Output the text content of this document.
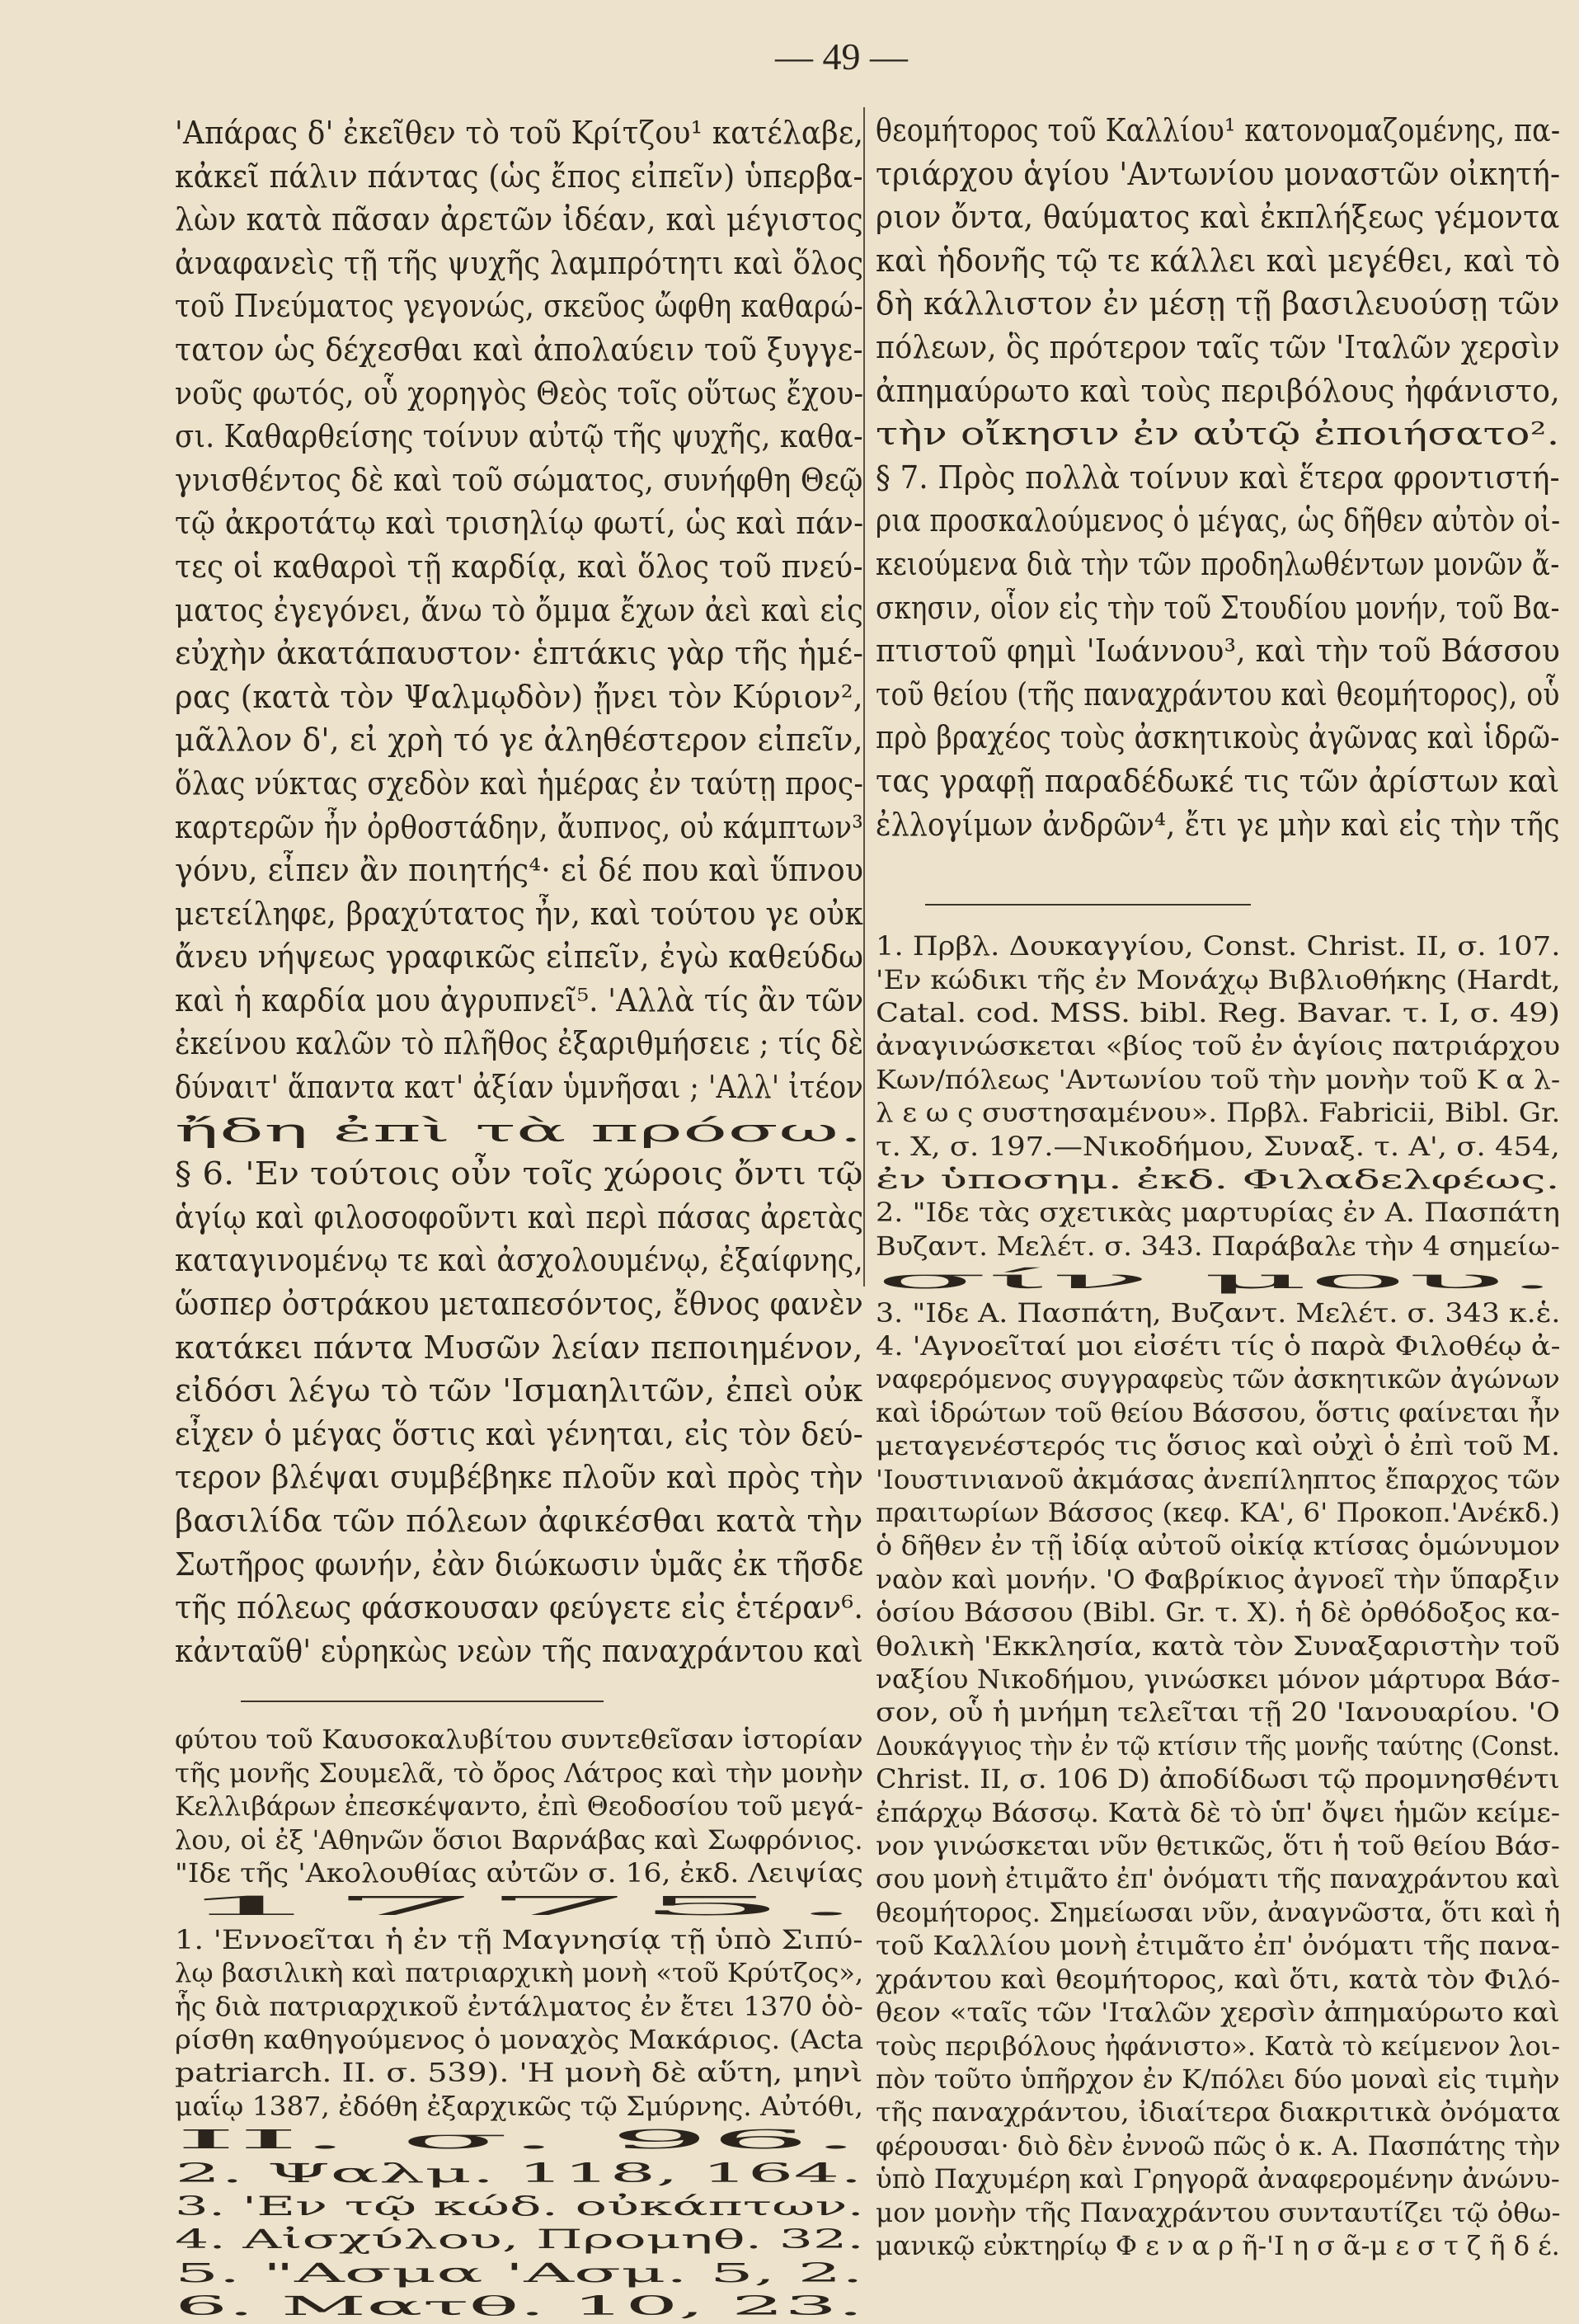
— 49 —
'Απάρας δ' ἐκεῖθεν τὸ τοῦ Κρίτζου¹ κατέλαβε,
κἀκεῖ πάλιν πάντας (ὡς ἔπος εἰπεῖν) ὑπερβα-
λὼν κατὰ πᾶσαν ἀρετῶν ἰδέαν, καὶ μέγιστος
ἀναφανεὶς τῇ τῆς ψυχῆς λαμπρότητι καὶ ὅλος
τοῦ Πνεύματος γεγονώς, σκεῦος ὤφθη καθαρώ-
τατον ὡς δέχεσθαι καὶ ἀπολαύειν τοῦ ξυγγε-
νοῦς φωτός, οὗ χορηγὸς Θεὸς τοῖς οὕτως ἔχου-
σι. Καθαρθείσης τοίνυν αὐτῷ τῆς ψυχῆς, καθα-
γνισθέντος δὲ καὶ τοῦ σώματος, συνήφθη Θεῷ
τῷ ἀκροτάτῳ καὶ τρισηλίῳ φωτί, ὡς καὶ πάν-
τες οἱ καθαροὶ τῇ καρδίᾳ, καὶ ὅλος τοῦ πνεύ-
ματος ἐγεγόνει, ἄνω τὸ ὄμμα ἔχων ἀεὶ καὶ εἰς
εὐχὴν ἀκατάπαυστον· ἑπτάκις γὰρ τῆς ἡμέ-
ρας (κατὰ τὸν Ψαλμῳδὸν) ᾔνει τὸν Κύριον²,
μᾶλλον δ', εἰ χρὴ τό γε ἀληθέστερον εἰπεῖν,
ὅλας νύκτας σχεδὸν καὶ ἡμέρας ἐν ταύτῃ προς-
καρτερῶν ἦν ὀρθοστάδην, ἄυπνος, οὐ κάμπτων³
γόνυ, εἶπεν ἂν ποιητής⁴· εἰ δέ που καὶ ὕπνου
μετείληφε, βραχύτατος ἦν, καὶ τούτου γε οὐκ
ἄνευ νήψεως γραφικῶς εἰπεῖν, ἐγὼ καθεύδω
καὶ ἡ καρδία μου ἀγρυπνεῖ⁵. 'Αλλὰ τίς ἂν τῶν
ἐκείνου καλῶν τὸ πλῆθος ἐξαριθμήσειε ; τίς δὲ
δύναιτ' ἅπαντα κατ' ἀξίαν ὑμνῆσαι ; 'Αλλ' ἰτέον
ἤδη ἐπὶ τὰ πρόσω.
§ 6. 'Εν τούτοις οὖν τοῖς χώροις ὄντι τῷ
ἁγίῳ καὶ φιλοσοφοῦντι καὶ περὶ πάσας ἀρετὰς
καταγινομένῳ τε καὶ ἀσχολουμένῳ, ἐξαίφνης,
ὥσπερ ὀστράκου μεταπεσόντος, ἔθνος φανὲν
κατάκει πάντα Μυσῶν λείαν πεποιημένον,
εἰδόσι λέγω τὸ τῶν 'Ισμαηλιτῶν, ἐπεὶ οὐκ
εἶχεν ὁ μέγας ὅστις καὶ γένηται, εἰς τὸν δεύ-
τερον βλέψαι συμβέβηκε πλοῦν καὶ πρὸς τὴν
βασιλίδα τῶν πόλεων ἀφικέσθαι κατὰ τὴν
Σωτῆρος φωνήν, ἐὰν διώκωσιν ὑμᾶς ἐκ τῆσδε
τῆς πόλεως φάσκουσαν φεύγετε εἰς ἑτέραν⁶.
κἀνταῦθ' εὑρηκὼς νεὼν τῆς παναχράντου καὶ
φύτου τοῦ Καυσοκαλυβίτου συντεθεῖσαν ἱστορίαν
τῆς μονῆς Σουμελᾶ, τὸ ὄρος Λάτρος καὶ τὴν μονὴν
Κελλιβάρων ἐπεσκέψαντο, ἐπὶ Θεοδοσίου τοῦ μεγά-
λου, οἱ ἐξ 'Αθηνῶν ὅσιοι Βαρνάβας καὶ Σωφρόνιος.
"Ιδε τῆς 'Ακολουθίας αὐτῶν σ. 16, ἐκδ. Λειψίας
1775.
1. 'Εννοεῖται ἡ ἐν τῇ Μαγνησίᾳ τῇ ὑπὸ Σιπύ-
λῳ βασιλικὴ καὶ πατριαρχικὴ μονὴ «τοῦ Κρύτζος»,
ἧς διὰ πατριαρχικοῦ ἐντάλματος ἐν ἔτει 1370 ὁὸ-
ρίσθη καθηγούμενος ὁ μοναχὸς Μακάριος. (Acta
patriarch. II. σ. 539). 'Η μονὴ δὲ αὕτη, μηνὶ
μαΐῳ 1387, ἐδόθη ἐξαρχικῶς τῷ Σμύρνης. Αὐτόθι,
II. σ. 96.
2. Ψαλμ. 118, 164.
3. 'Εν τῷ κώδ. οὐκάπτων.
4. Αἰσχύλου, Προμηθ. 32.
5. "Ασμα 'Ασμ. 5, 2.
6. Ματθ. 10, 23.
θεομήτορος τοῦ Καλλίου¹ κατονομαζομένης, πα-
τριάρχου ἁγίου 'Αντωνίου μοναστῶν οἰκητή-
ριον ὄντα, θαύματος καὶ ἐκπλήξεως γέμοντα
καὶ ἡδονῆς τῷ τε κάλλει καὶ μεγέθει, καὶ τὸ
δὴ κάλλιστον ἐν μέσῃ τῇ βασιλευούσῃ τῶν
πόλεων, ὃς πρότερον ταῖς τῶν 'Ιταλῶν χερσὶν
ἀπημαύρωτο καὶ τοὺς περιβόλους ἠφάνιστο,
τὴν οἴκησιν ἐν αὐτῷ ἐποιήσατο².
§ 7. Πρὸς πολλὰ τοίνυν καὶ ἕτερα φροντιστή-
ρια προσκαλούμενος ὁ μέγας, ὡς δῆθεν αὐτὸν οἰ-
κειούμενα διὰ τὴν τῶν προδηλωθέντων μονῶν ἄ-
σκησιν, οἷον εἰς τὴν τοῦ Στουδίου μονήν, τοῦ Βα-
πτιστοῦ φημὶ 'Ιωάννου³, καὶ τὴν τοῦ Βάσσου
τοῦ θείου (τῆς παναχράντου καὶ θεομήτορος), οὗ
πρὸ βραχέος τοὺς ἀσκητικοὺς ἀγῶνας καὶ ἱδρῶ-
τας γραφῇ παραδέδωκέ τις τῶν ἀρίστων καὶ
ἐλλογίμων ἀνδρῶν⁴, ἔτι γε μὴν καὶ εἰς τὴν τῆς
1. Πρβλ. Δουκαγγίου, Const. Christ. II, σ. 107.
'Εν κώδικι τῆς ἐν Μονάχῳ Βιβλιοθήκης (Hardt,
Catal. cod. MSS. bibl. Reg. Bavar. τ. I, σ. 49)
ἀναγινώσκεται «βίος τοῦ ἐν ἁγίοις πατριάρχου
Κων/πόλεως 'Αντωνίου τοῦ τὴν μονὴν τοῦ Κ α λ-
λ ε ω ς συστησαμένου». Πρβλ. Fabricii, Bibl. Gr.
τ. X, σ. 197.—Νικοδήμου, Συναξ. τ. Α', σ. 454,
ἐν ὑποσημ. ἐκδ. Φιλαδελφέως.
2. "Ιδε τὰς σχετικὰς μαρτυρίας ἐν Α. Πασπάτη
Βυζαντ. Μελέτ. σ. 343. Παράβαλε τὴν 4 σημείω-
σίν μου.
3. "Ιδε Α. Πασπάτη, Βυζαντ. Μελέτ. σ. 343 κ.ἑ.
4. 'Αγνοεῖταί μοι εἰσέτι τίς ὁ παρὰ Φιλοθέῳ ἀ-
ναφερόμενος συγγραφεὺς τῶν ἀσκητικῶν ἀγώνων
καὶ ἱδρώτων τοῦ θείου Βάσσου, ὅστις φαίνεται ἦν
μεταγενέστερός τις ὅσιος καὶ οὐχὶ ὁ ἐπὶ τοῦ Μ.
'Ιουστινιανοῦ ἀκμάσας ἀνεπίληπτος ἔπαρχος τῶν
πραιτωρίων Βάσσος (κεφ. ΚΑ', 6' Προκοπ.'Ανέκδ.)
ὁ δῆθεν ἐν τῇ ἰδίᾳ αὐτοῦ οἰκίᾳ κτίσας ὁμώνυμον
ναὸν καὶ μονήν. 'Ο Φαβρίκιος ἀγνοεῖ τὴν ὕπαρξιν
ὁσίου Βάσσου (Bibl. Gr. τ. X). ἡ δὲ ὀρθόδοξος κα-
θολικὴ 'Εκκλησία, κατὰ τὸν Συναξαριστὴν τοῦ
ναξίου Νικοδήμου, γινώσκει μόνον μάρτυρα Βάσ-
σον, οὗ ἡ μνήμη τελεῖται τῇ 20 'Ιανουαρίου. 'Ο
Δουκάγγιος τὴν ἐν τῷ κτίσιν τῆς μονῆς ταύτης (Const.
Christ. II, σ. 106 D) ἀποδίδωσι τῷ προμνησθέντι
ἐπάρχῳ Βάσσῳ. Κατὰ δὲ τὸ ὑπ' ὄψει ἡμῶν κείμε-
νον γινώσκεται νῦν θετικῶς, ὅτι ἡ τοῦ θείου Βάσ-
σου μονὴ ἐτιμᾶτο ἐπ' ὀνόματι τῆς παναχράντου καὶ
θεομήτορος. Σημείωσαι νῦν, ἀναγνῶστα, ὅτι καὶ ἡ
τοῦ Καλλίου μονὴ ἐτιμᾶτο ἐπ' ὀνόματι τῆς πανα-
χράντου καὶ θεομήτορος, καὶ ὅτι, κατὰ τὸν Φιλό-
θεον «ταῖς τῶν 'Ιταλῶν χερσὶν ἀπημαύρωτο καὶ
τοὺς περιβόλους ἠφάνιστο». Κατὰ τὸ κείμενον λοι-
πὸν τοῦτο ὑπῆρχον ἐν Κ/πόλει δύο μοναὶ εἰς τιμὴν
τῆς παναχράντου, ἰδιαίτερα διακριτικὰ ὀνόματα
φέρουσαι· διὸ δὲν ἐννοῶ πῶς ὁ κ. Α. Πασπάτης τὴν
ὑπὸ Παχυμέρη καὶ Γρηγορᾶ ἀναφερομένην ἀνώνυ-
μον μονὴν τῆς Παναχράντου συνταυτίζει τῷ ὀθω-
μανικῷ εὐκτηρίῳ Φ ε ν α ρ ῆ-'Ι η σ ᾶ-μ ε σ τ ζ ῆ δ έ.
